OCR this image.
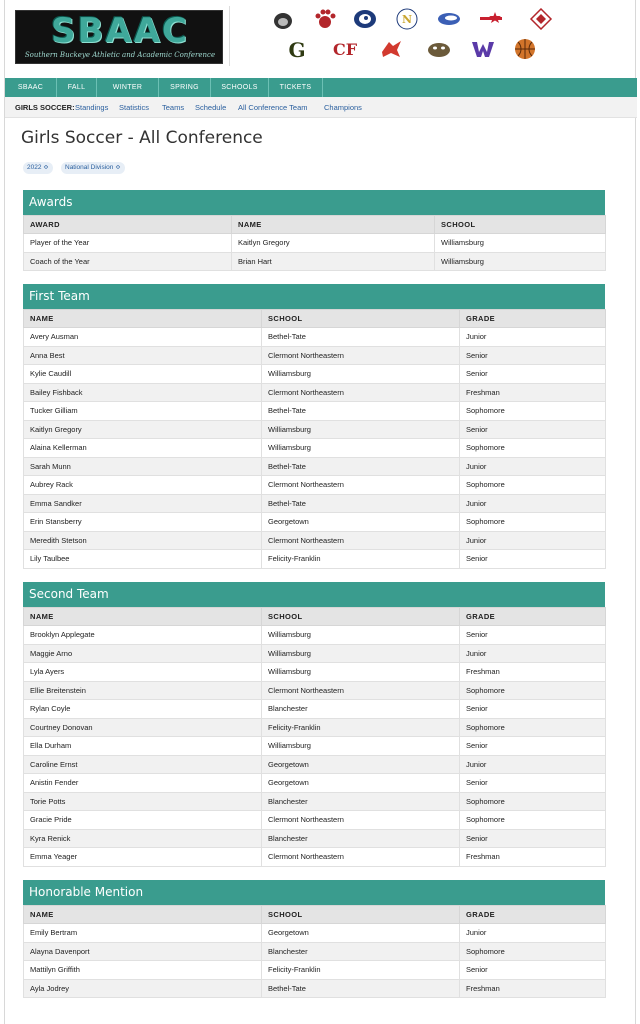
SBAAC
Southern Buckeye Athletic and Academic Conference
N
G CF
SBAAC	FALL	WINTER	SPRING	SCHOOLS	TICKETS
GIRLS SOCCER: Standings Statistics Teams Schedule All Conference Team Champions
Girls Soccer - All Conference
2022 ≎	National Division ≎
Awards
AWARD	NAME	SCHOOL
Player of the Year	Kaitlyn Gregory	Williamsburg
Coach of the Year	Brian Hart	Williamsburg
First Team
NAME	SCHOOL	GRADE
Avery Ausman	Bethel-Tate	Junior
Anna Best	Clermont Northeastern	Senior
Kylie Caudill	Williamsburg	Senior
Bailey Fishback	Clermont Northeastern	Freshman
Tucker Gilliam	Bethel-Tate	Sophomore
Kaitlyn Gregory	Williamsburg	Senior
Alaina Kellerman	Williamsburg	Sophomore
Sarah Munn	Bethel-Tate	Junior
Aubrey Rack	Clermont Northeastern	Sophomore
Emma Sandker	Bethel-Tate	Junior
Erin Stansberry	Georgetown	Sophomore
Meredith Stetson	Clermont Northeastern	Junior
Lily Taulbee	Felicity-Franklin	Senior
Second Team
NAME	SCHOOL	GRADE
Brooklyn Applegate	Williamsburg	Senior
Maggie Arno	Williamsburg	Junior
Lyla Ayers	Williamsburg	Freshman
Ellie Breitenstein	Clermont Northeastern	Sophomore
Rylan Coyle	Blanchester	Senior
Courtney Donovan	Felicity-Franklin	Sophomore
Ella Durham	Williamsburg	Senior
Caroline Ernst	Georgetown	Junior
Anistin Fender	Georgetown	Senior
Torie Potts	Blanchester	Sophomore
Gracie Pride	Clermont Northeastern	Sophomore
Kyra Renick	Blanchester	Senior
Emma Yeager	Clermont Northeastern	Freshman
Honorable Mention
NAME	SCHOOL	GRADE
Emily Bertram	Georgetown	Junior
Alayna Davenport	Blanchester	Sophomore
Mattilyn Griffith	Felicity-Franklin	Senior
Ayla Jodrey	Bethel-Tate	Freshman
